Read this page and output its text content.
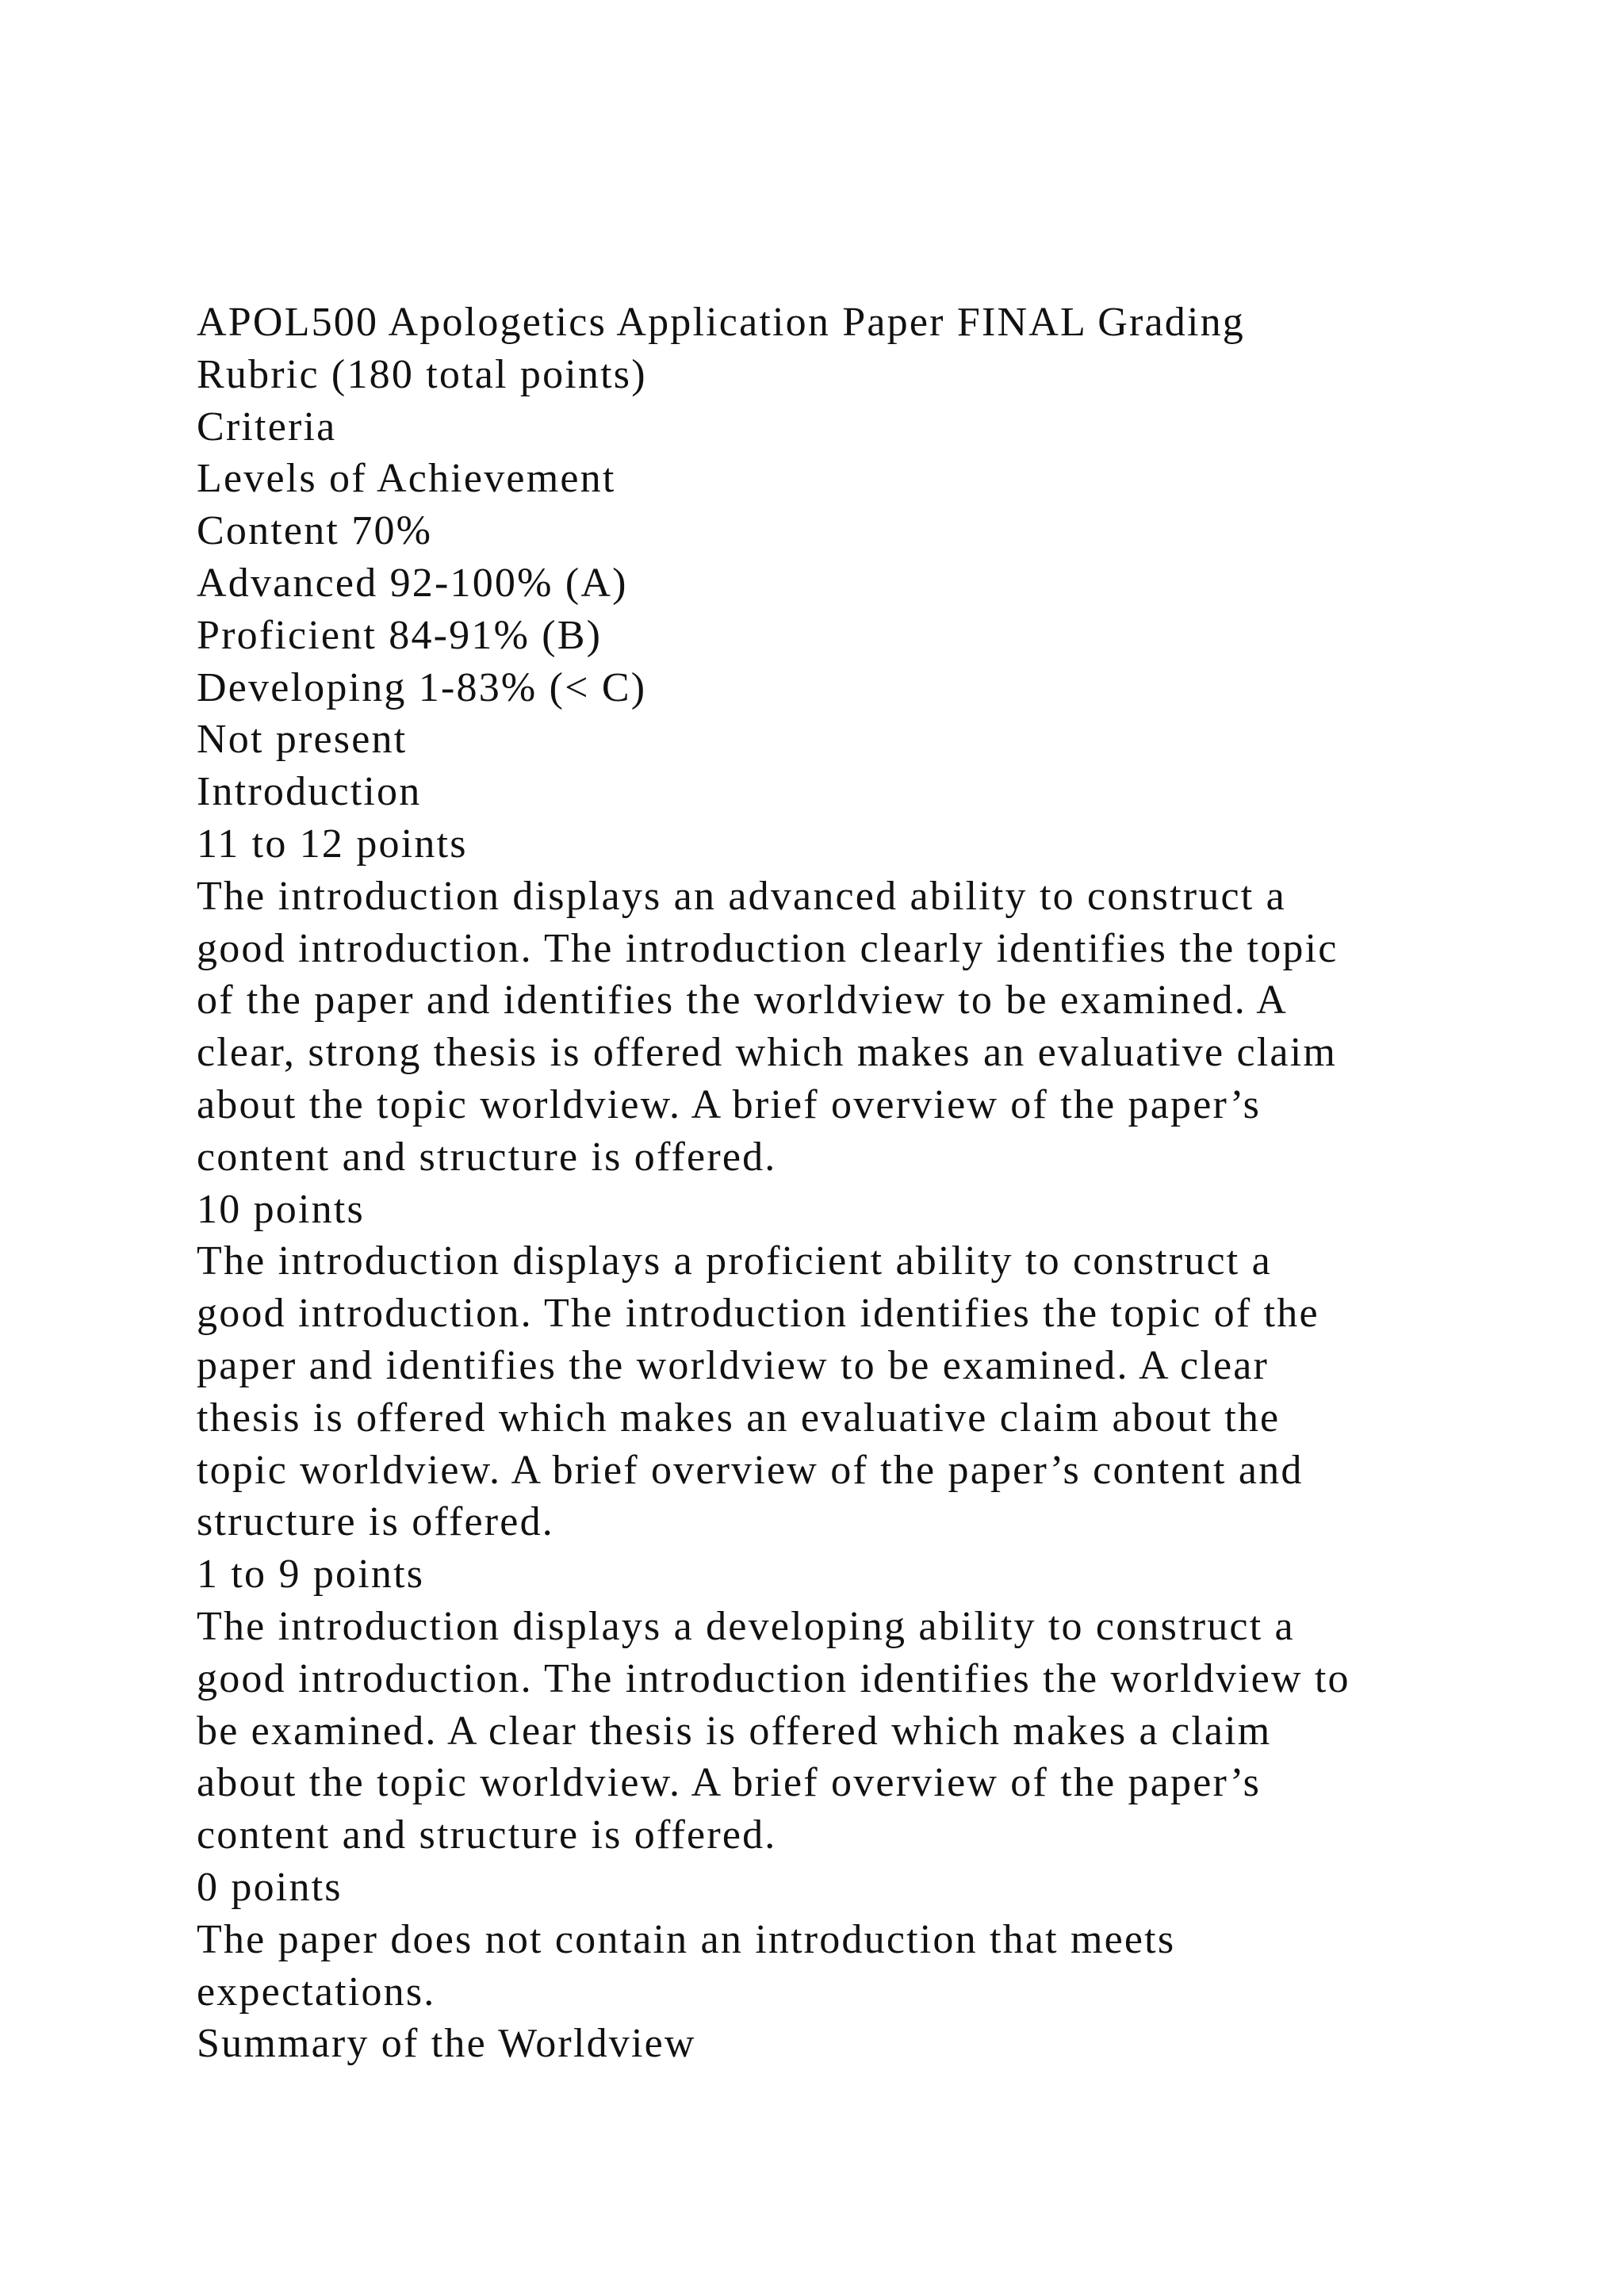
APOL500 Apologetics Application Paper FINAL Grading
Rubric (180 total points)
Criteria
Levels of Achievement
Content 70%
Advanced 92-100% (A)
Proficient 84-91% (B)
Developing 1-83% (< C)
Not present
Introduction
11 to 12 points
The introduction displays an advanced ability to construct a
good introduction. The introduction clearly identifies the topic
of the paper and identifies the worldview to be examined. A
clear, strong thesis is offered which makes an evaluative claim
about the topic worldview. A brief overview of the paper’s
content and structure is offered.
10 points
The introduction displays a proficient ability to construct a
good introduction. The introduction identifies the topic of the
paper and identifies the worldview to be examined. A clear
thesis is offered which makes an evaluative claim about the
topic worldview. A brief overview of the paper’s content and
structure is offered.
1 to 9 points
The introduction displays a developing ability to construct a
good introduction. The introduction identifies the worldview to
be examined. A clear thesis is offered which makes a claim
about the topic worldview. A brief overview of the paper’s
content and structure is offered.
0 points
The paper does not contain an introduction that meets
expectations.
Summary of the Worldview
